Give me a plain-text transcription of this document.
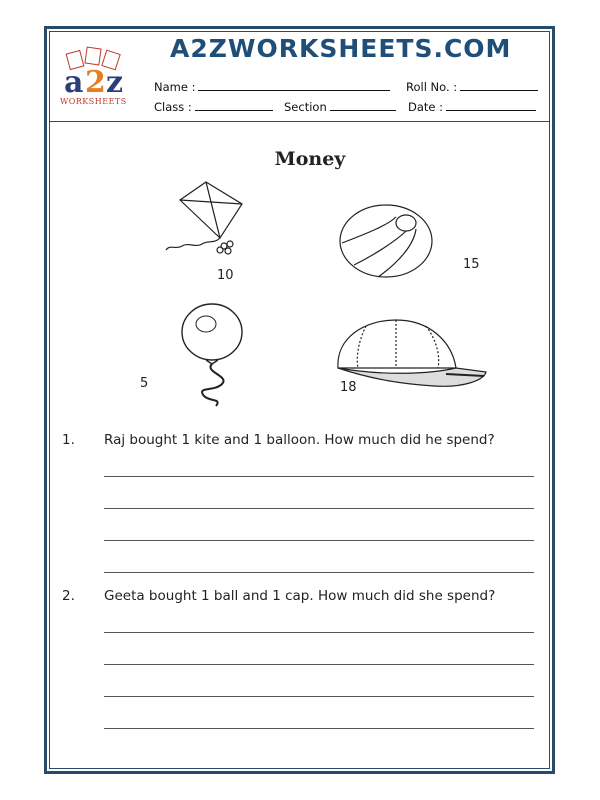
a 2 z
WORKSHEETS
A2ZWORKSHEETS.COM
Name :	Roll No. :
Class :	Section	Date :
Money
10
15
5	18
1. Raj bought 1 kite and 1 balloon. How much did he spend?
2. Geeta bought 1 ball and 1 cap. How much did she spend?
